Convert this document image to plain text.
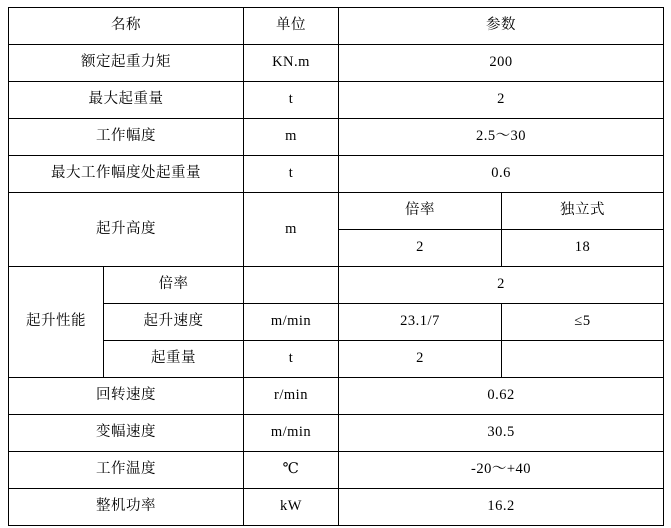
名称		单位	参数	
额定起重力矩		KN.m	200	
最大起重量		t	2	
工作幅度		m	2.5～30	
最大工作幅度处起重量		t	0.6	
起升高度		m	倍率	独立式
			2	18
起升性能	倍率		2	
	起升速度	m/min	23.1/7	≤5
	起重量	t	2	
回转速度		r/min	0.62	
变幅速度		m/min	30.5	
工作温度		℃	-20～+40	
整机功率		kW	16.2	
